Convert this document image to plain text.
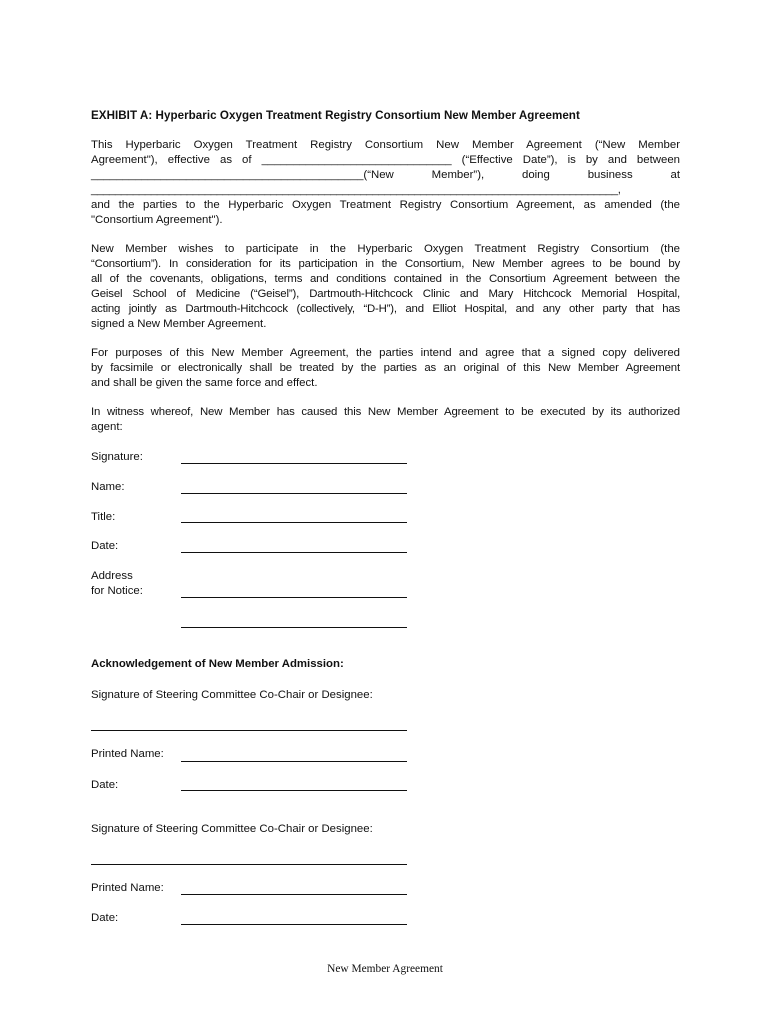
EXHIBIT A: Hyperbaric Oxygen Treatment Registry Consortium New Member Agreement
This Hyperbaric Oxygen Treatment Registry Consortium New Member Agreement (“New Member
Agreement"), effective as of ______________________________ (“Effective Date”), is by and between
___________________________________________(“New Member”), doing business at
________________________________________________________________________________________,
and the parties to the Hyperbaric Oxygen Treatment Registry Consortium Agreement, as amended (the
"Consortium Agreement").
New Member wishes to participate in the Hyperbaric Oxygen Treatment Registry Consortium (the
“Consortium”). In consideration for its participation in the Consortium, New Member agrees to be bound by
all of the covenants, obligations, terms and conditions contained in the Consortium Agreement between the
Geisel School of Medicine (“Geisel”), Dartmouth-Hitchcock Clinic and Mary Hitchcock Memorial Hospital,
acting jointly as Dartmouth-Hitchcock (collectively, “D-H”), and Elliot Hospital, and any other party that has
signed a New Member Agreement.
For purposes of this New Member Agreement, the parties intend and agree that a signed copy delivered
by facsimile or electronically shall be treated by the parties as an original of this New Member Agreement
and shall be given the same force and effect.
In witness whereof, New Member has caused this New Member Agreement to be executed by its authorized
agent:
Signature:
Name:
Title:
Date:
Address
for Notice:
Acknowledgement of New Member Admission:
Signature of Steering Committee Co-Chair or Designee:
Printed Name:
Date:
Signature of Steering Committee Co-Chair or Designee:
Printed Name:
Date:
New Member Agreement
